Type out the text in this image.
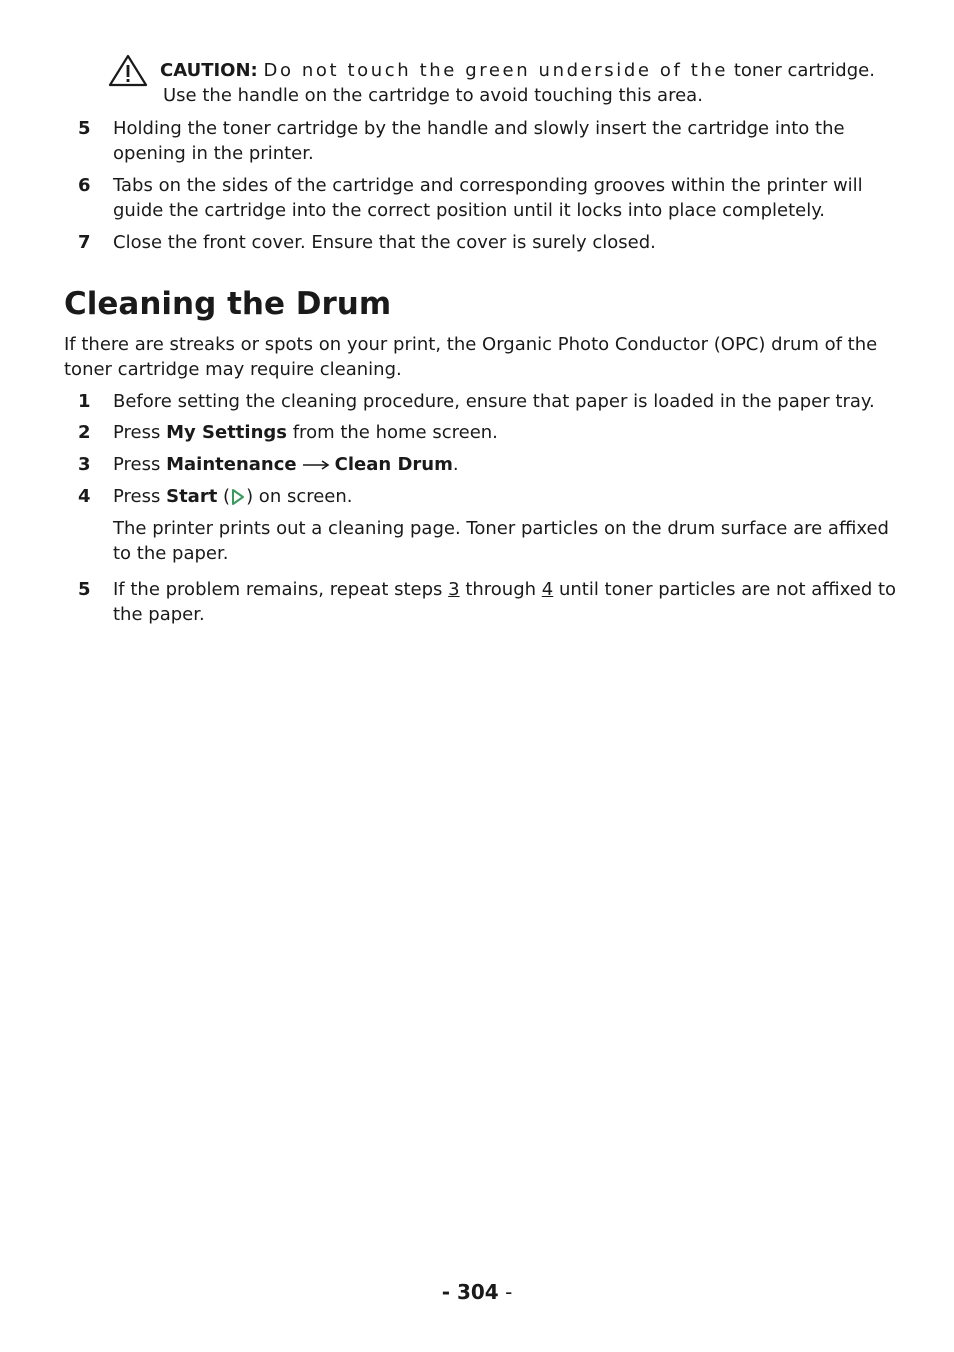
CAUTION: Do not touch the green underside of the toner cartridge.
Use the handle on the cartridge to avoid touching this area.
5 Holding the toner cartridge by the handle and slowly insert the cartridge into the opening in the printer.
6 Tabs on the sides of the cartridge and corresponding grooves within the printer will guide the cartridge into the correct position until it locks into place completely.
7 Close the front cover. Ensure that the cover is surely closed.
Cleaning the Drum
If there are streaks or spots on your print, the Organic Photo Conductor (OPC) drum of the toner cartridge may require cleaning.
1 Before setting the cleaning procedure, ensure that paper is loaded in the paper tray.
2 Press My Settings from the home screen.
3 Press Maintenance Clean Drum.
4 Press Start ( ) on screen.
The printer prints out a cleaning page. Toner particles on the drum surface are affixed to the paper.
5 If the problem remains, repeat steps 3 through 4 until toner particles are not affixed to the paper.
- 304 -
